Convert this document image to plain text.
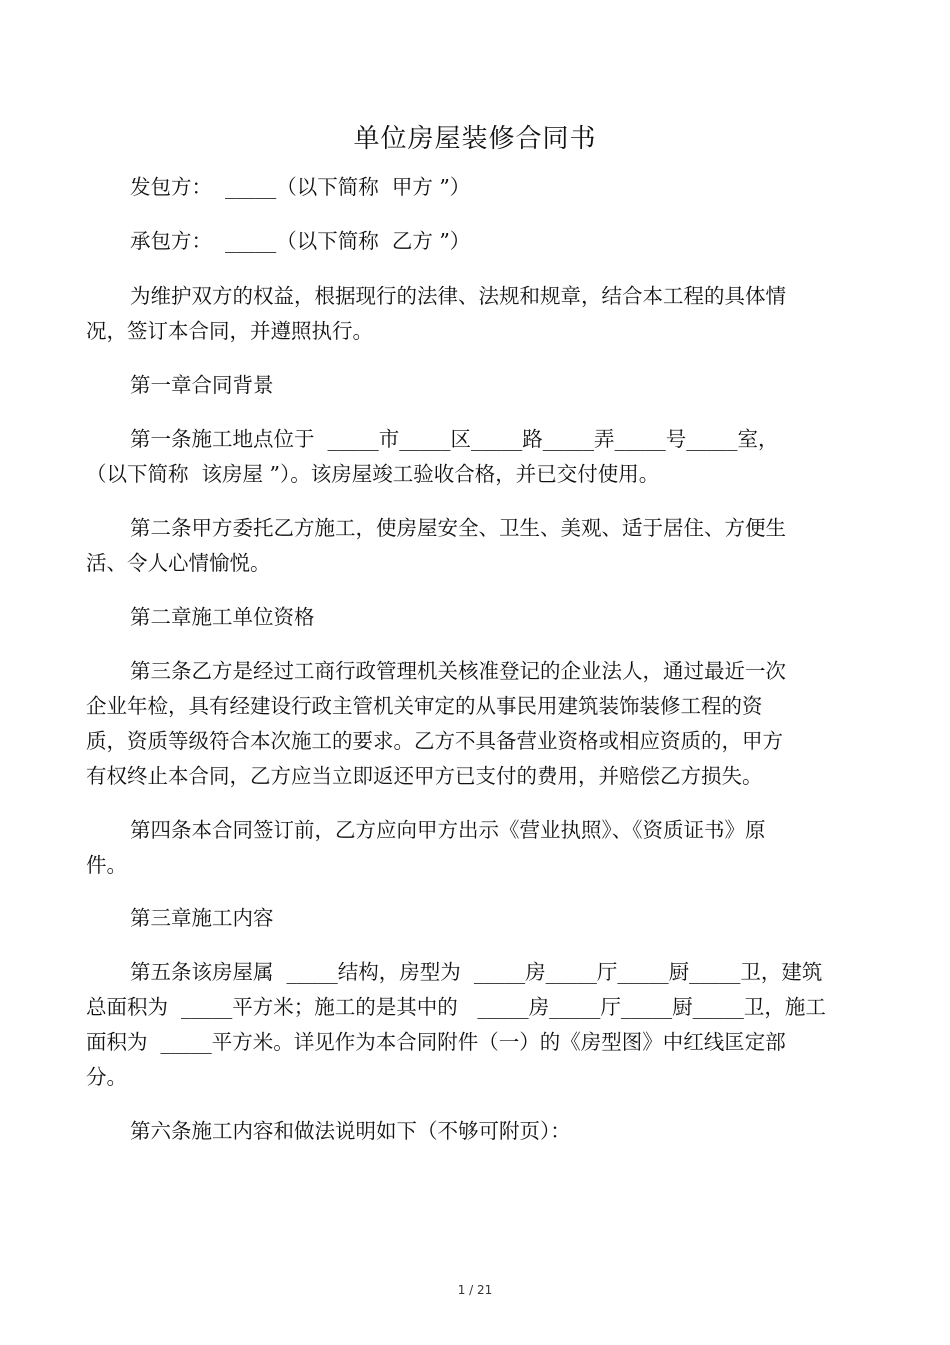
单位房屋装修合同书
发包方：  _____（以下简称  甲方 ”）
承包方：  _____（以下简称  乙方 ”）
为维护双方的权益，根据现行的法律、法规和规章，结合本工程的具体情
况，签订本合同，并遵照执行。
第一章合同背景
第一条施工地点位于  _____市_____区_____路_____弄_____号_____室，
（以下简称  该房屋 ”）。该房屋竣工验收合格，并已交付使用。
第二条甲方委托乙方施工，使房屋安全、卫生、美观、适于居住、方便生
活、令人心情愉悦。
第二章施工单位资格
第三条乙方是经过工商行政管理机关核准登记的企业法人，通过最近一次
企业年检，具有经建设行政主管机关审定的从事民用建筑装饰装修工程的资
质，资质等级符合本次施工的要求。乙方不具备营业资格或相应资质的，甲方
有权终止本合同，乙方应当立即返还甲方已支付的费用，并赔偿乙方损失。
第四条本合同签订前，乙方应向甲方出示《营业执照》、《资质证书》原
件。
第三章施工内容
第五条该房屋属  _____结构，房型为  _____房_____厅_____厨_____卫，建筑
总面积为  _____平方米；施工的是其中的   _____房_____厅_____厨_____卫，施工
面积为  _____平方米。详见作为本合同附件（一）的《房型图》中红线匡定部
分。
第六条施工内容和做法说明如下（不够可附页）：
1 / 21
